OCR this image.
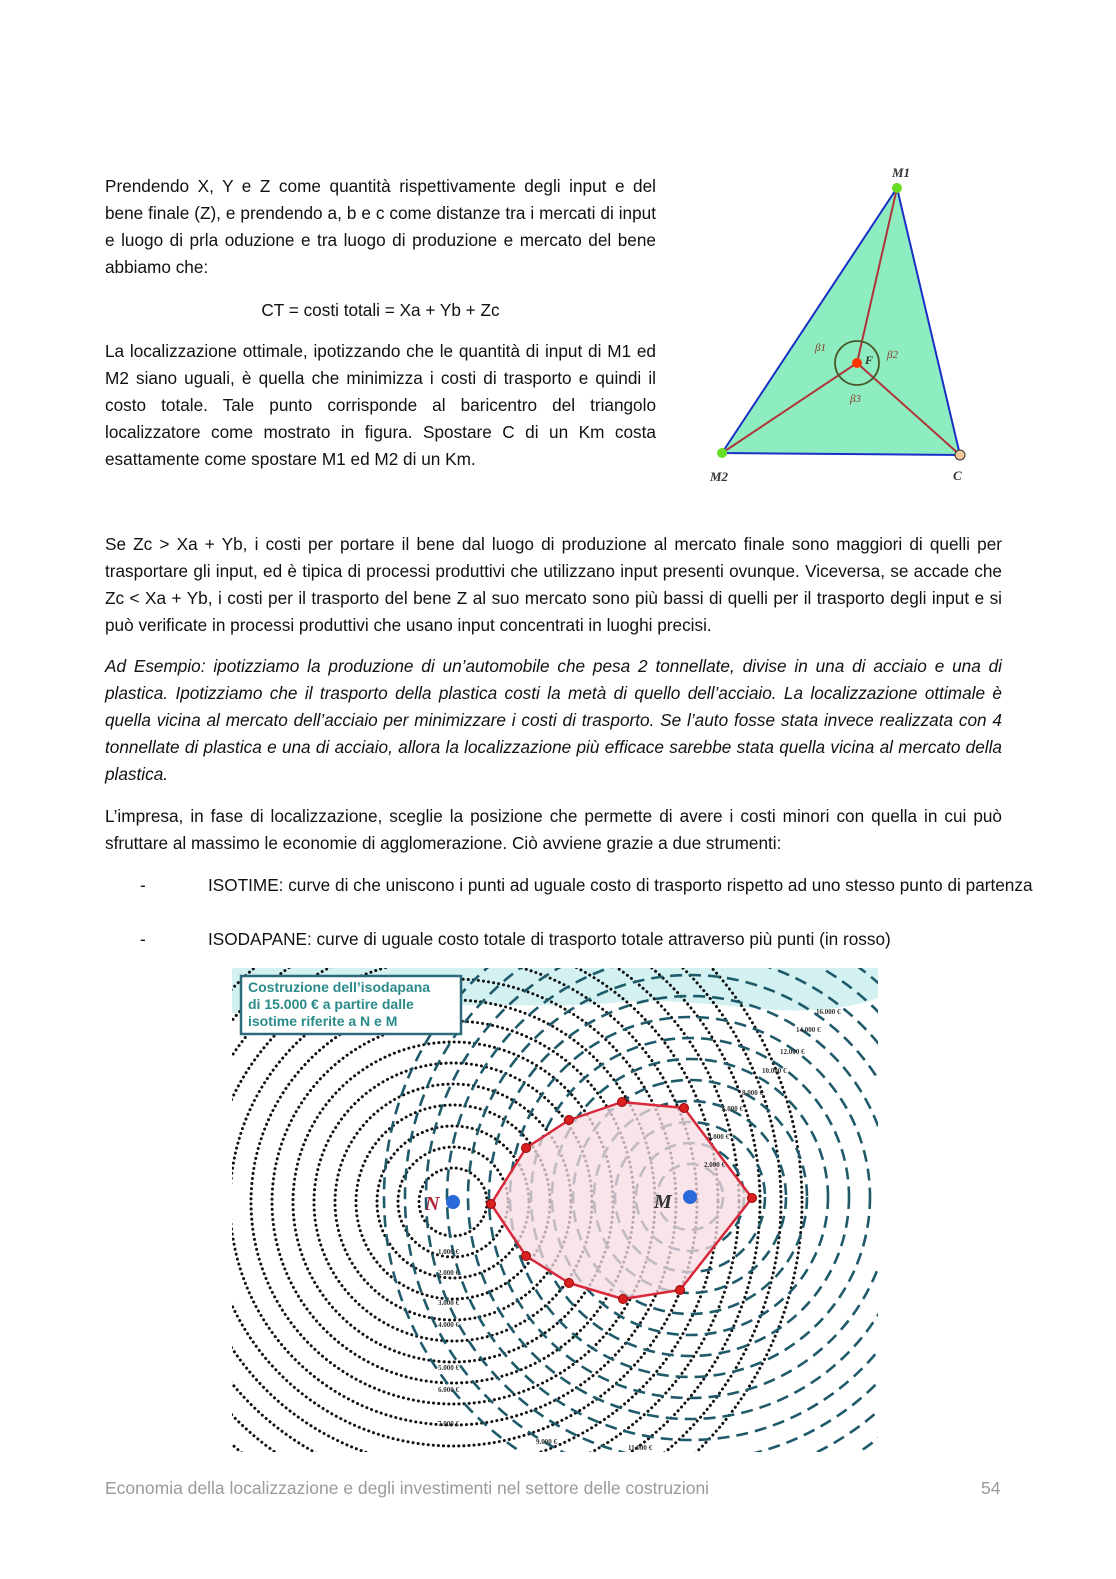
Prendendo X, Y e Z come quantità rispettivamente degli input e del bene finale (Z), e prendendo a, b e c come distanze tra i mercati di input e luogo di prla oduzione e tra luogo di produzione e mercato del bene abbiamo che:

CT = costi totali = Xa + Yb + Zc

La localizzazione ottimale, ipotizzando che le quantità di input di M1 ed M2 siano uguali, è quella che minimizza i costi di trasporto e quindi il costo totale. Tale punto corrisponde al baricentro del triangolo localizzatore come mostrato in figura. Spostare C di un Km costa esattamente come spostare M1 ed M2 di un Km.

M1
M2	C
F
β1
β2
β3

Se Zc > Xa + Yb, i costi per portare il bene dal luogo di produzione al mercato finale sono maggiori di quelli per trasportare gli input, ed è tipica di processi produttivi che utilizzano input presenti ovunque. Viceversa, se accade che Zc < Xa + Yb, i costi per il trasporto del bene Z al suo mercato sono più bassi di quelli per il trasporto degli input e si può verificate in processi produttivi che usano input concentrati in luoghi precisi.

Ad Esempio: ipotizziamo la produzione di un’automobile che pesa 2 tonnellate, divise in una di acciaio e una di plastica. Ipotizziamo che il trasporto della plastica costi la metà di quello dell’acciaio. La localizzazione ottimale è quella vicina al mercato dell’acciaio per minimizzare i costi di trasporto. Se l’auto fosse stata invece realizzata con 4 tonnellate di plastica e una di acciaio, allora la localizzazione più efficace sarebbe stata quella vicina al mercato della plastica.

L’impresa, in fase di localizzazione, sceglie la posizione che permette di avere i costi minori con quella in cui può sfruttare al massimo le economie di agglomerazione. Ciò avviene grazie a due strumenti:

-	ISOTIME: curve di che uniscono i punti ad uguale costo di trasporto rispetto ad uno stesso punto di partenza
-	ISODAPANE: curve di uguale costo totale di trasporto totale attraverso più punti (in rosso)
N	M
1.000 €
2.000 €
3.000 €
4.000 €
5.000 €
6.000 €
7.000 €
9.000 €
11.000 €
2.000 €
4.000 €
6.000 €
8.000 €
10.000 €
12.000 €
14.000 €
16.000 €
Costruzione dell’isodapana
di 15.000 € a partire dalle
isotime riferite a N e M
Economia della localizzazione e degli investimenti nel settore delle costruzioni	54
